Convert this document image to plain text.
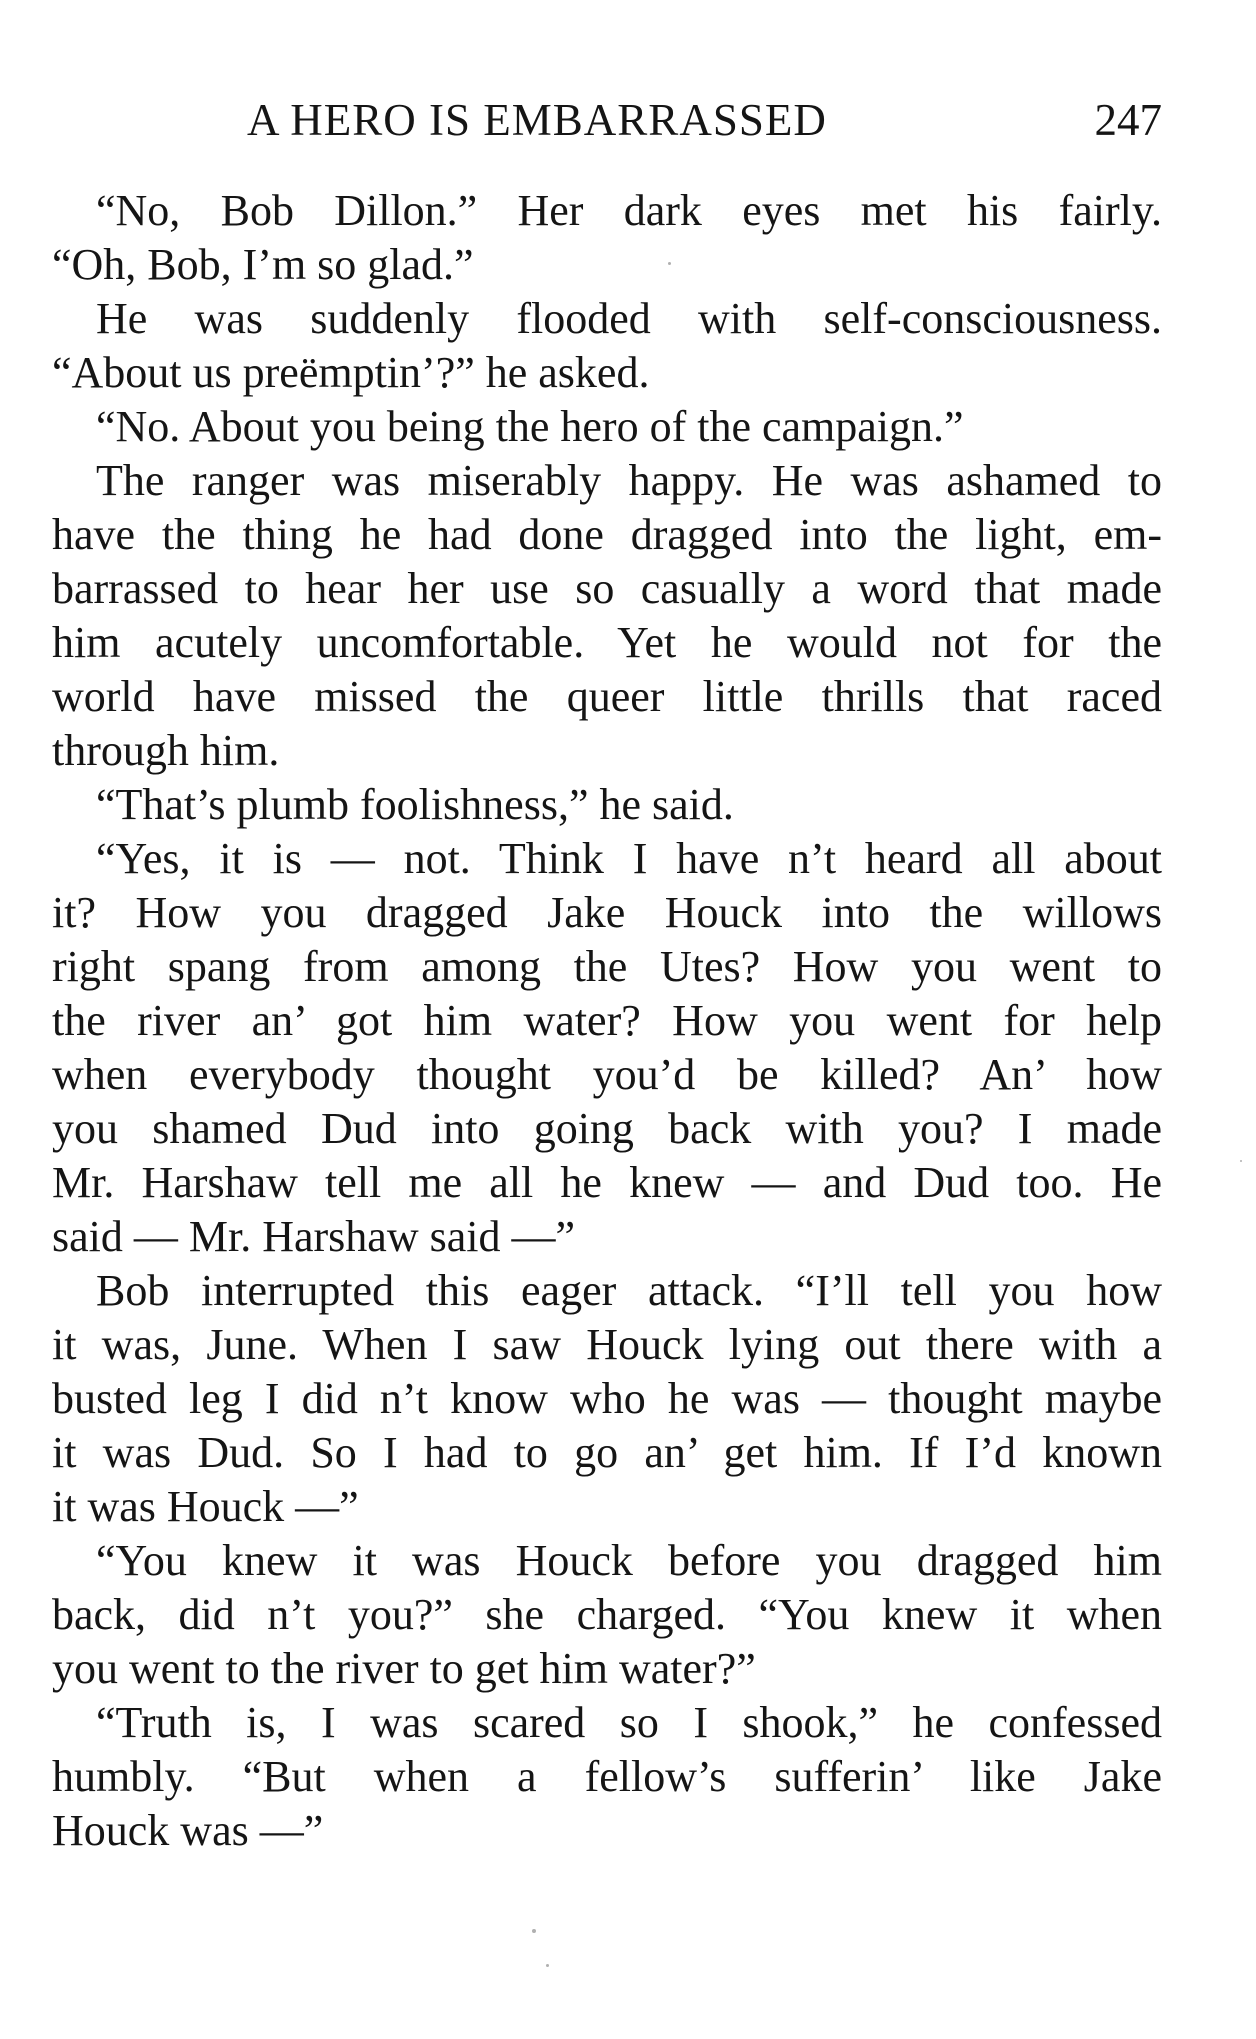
A HERO IS EMBARRASSED	247
“No, Bob Dillon.” Her dark eyes met his fairly.
“Oh, Bob, I’m so glad.”
He was suddenly flooded with self-consciousness.
“About us preëmptin’?” he asked.
“No. About you being the hero of the campaign.”
The ranger was miserably happy. He was ashamed to
have the thing he had done dragged into the light, em-
barrassed to hear her use so casually a word that made
him acutely uncomfortable. Yet he would not for the
world have missed the queer little thrills that raced
through him.
“That’s plumb foolishness,” he said.
“Yes, it is — not. Think I have n’t heard all about
it? How you dragged Jake Houck into the willows
right spang from among the Utes? How you went to
the river an’ got him water? How you went for help
when everybody thought you’d be killed? An’ how
you shamed Dud into going back with you? I made
Mr. Harshaw tell me all he knew — and Dud too. He
said — Mr. Harshaw said —”
Bob interrupted this eager attack. “I’ll tell you how
it was, June. When I saw Houck lying out there with a
busted leg I did n’t know who he was — thought maybe
it was Dud. So I had to go an’ get him. If I’d known
it was Houck —”
“You knew it was Houck before you dragged him
back, did n’t you?” she charged. “You knew it when
you went to the river to get him water?”
“Truth is, I was scared so I shook,” he confessed
humbly. “But when a fellow’s sufferin’ like Jake
Houck was —”
